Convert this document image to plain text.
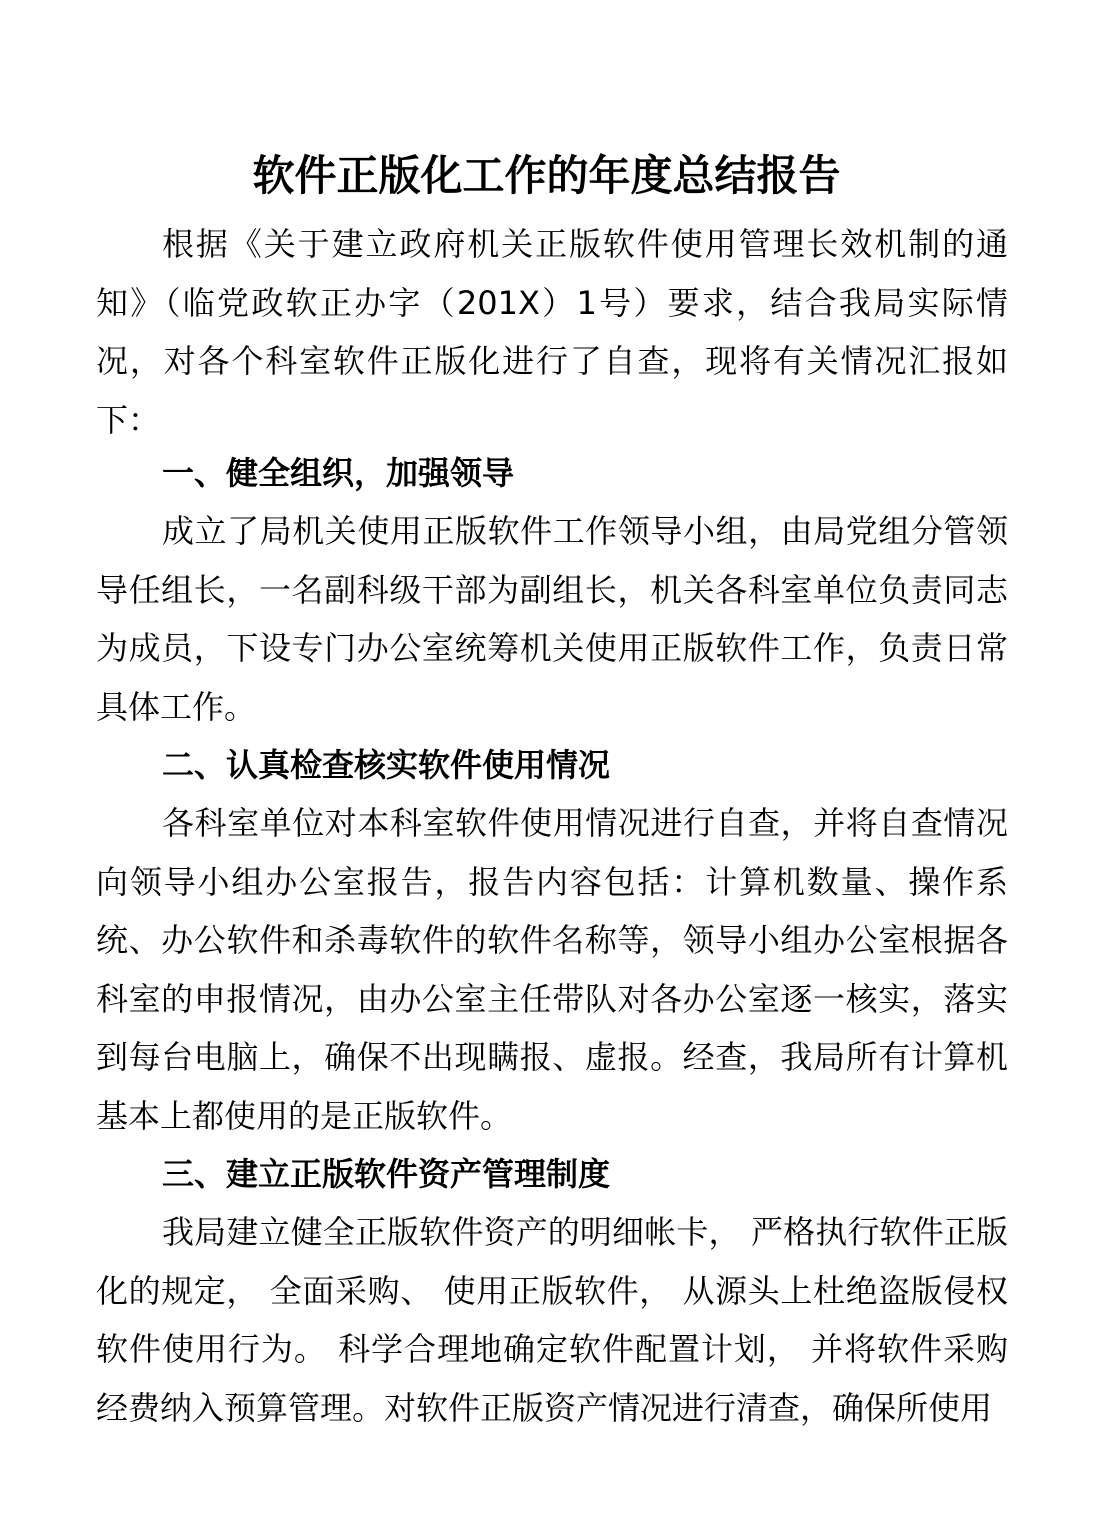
软件正版化工作的年度总结报告

根据《关于建立政府机关正版软件使用管理长效机制的通知》（临党政软正办字（201X）1号）要求，结合我局实际情况，对各个科室软件正版化进行了自查，现将有关情况汇报如下：

一、健全组织，加强领导

成立了局机关使用正版软件工作领导小组，由局党组分管领导任组长，一名副科级干部为副组长，机关各科室单位负责同志为成员，下设专门办公室统筹机关使用正版软件工作，负责日常具体工作。

二、认真检查核实软件使用情况

各科室单位对本科室软件使用情况进行自查，并将自查情况向领导小组办公室报告，报告内容包括：计算机数量、操作系统、办公软件和杀毒软件的软件名称等，领导小组办公室根据各科室的申报情况，由办公室主任带队对各办公室逐一核实，落实到每台电脑上，确保不出现瞒报、虚报。经查，我局所有计算机基本上都使用的是正版软件。

三、建立正版软件资产管理制度

我局建立健全正版软件资产的明细帐卡， 严格执行软件正版化的规定， 全面采购、 使用正版软件， 从源头上杜绝盗版侵权软件使用行为。 科学合理地确定软件配置计划， 并将软件采购经费纳入预算管理。对软件正版资产情况进行清查，确保所使用
